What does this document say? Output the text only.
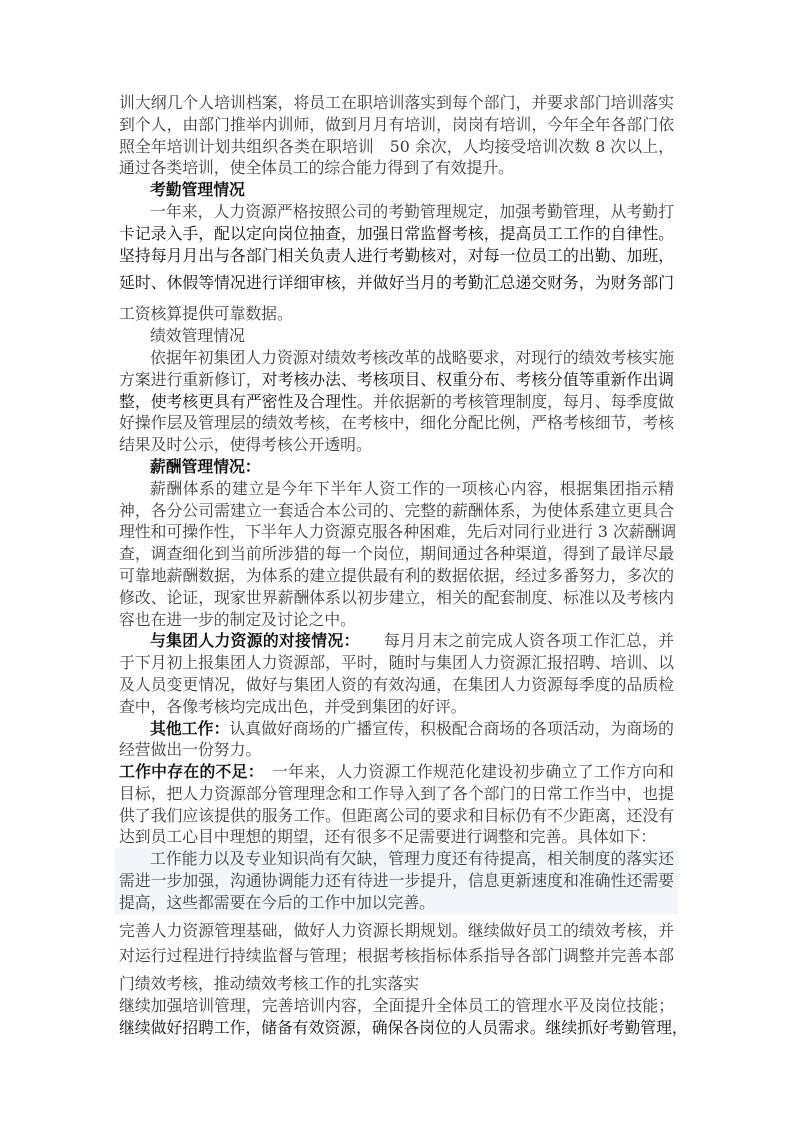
训大纲几个人培训档案，将员工在职培训落实到每个部门，并要求部门培训落实
到个人，由部门推举内训师，做到月月有培训，岗岗有培训，今年全年各部门依
照全年培训计划共组织各类在职培训　50 余次，人均接受培训次数 8 次以上，
通过各类培训，使全体员工的综合能力得到了有效提升。
考勤管理情况
一年来，人力资源严格按照公司的考勤管理规定，加强考勤管理，从考勤打
卡记录入手，配以定向岗位抽查，加强日常监督考核，提高员工工作的自律性。
坚持每月月出与各部门相关负责人进行考勤核对，对每一位员工的出勤、加班，
延时、休假等情况进行详细审核，并做好当月的考勤汇总递交财务，为财务部门
工资核算提供可靠数据。
绩效管理情况
依据年初集团人力资源对绩效考核改革的战略要求，对现行的绩效考核实施
方案进行重新修订，对考核办法、考核项目、权重分布、考核分值等重新作出调
整，使考核更具有严密性及合理性。并依据新的考核管理制度，每月、每季度做
好操作层及管理层的绩效考核，在考核中，细化分配比例，严格考核细节，考核
结果及时公示，使得考核公开透明。
薪酬管理情况：
薪酬体系的建立是今年下半年人资工作的一项核心内容，根据集团指示精
神，各分公司需建立一套适合本公司的、完整的薪酬体系，为使体系建立更具合
理性和可操作性，下半年人力资源克服各种困难，先后对同行业进行 3 次薪酬调
查，调查细化到当前所涉猎的每一个岗位，期间通过各种渠道，得到了最详尽最
可靠地薪酬数据，为体系的建立提供最有利的数据依据，经过多番努力，多次的
修改、论证，现家世界薪酬体系以初步建立，相关的配套制度、标准以及考核内
容也在进一步的制定及讨论之中。
与集团人力资源的对接情况：　　每月月末之前完成人资各项工作汇总，并
于下月初上报集团人力资源部，平时，随时与集团人力资源汇报招聘、培训、以
及人员变更情况，做好与集团人资的有效沟通，在集团人力资源每季度的品质检
查中，各像考核均完成出色，并受到集团的好评。
其他工作：认真做好商场的广播宣传，积极配合商场的各项活动，为商场的
经营做出一份努力。
工作中存在的不足：　一年来，人力资源工作规范化建设初步确立了工作方向和
目标，把人力资源部分管理理念和工作导入到了各个部门的日常工作当中，也提
供了我们应该提供的服务工作。但距离公司的要求和目标仍有不少距离，还没有
达到员工心目中理想的期望，还有很多不足需要进行调整和完善。具体如下：
工作能力以及专业知识尚有欠缺，管理力度还有待提高，相关制度的落实还
需进一步加强，沟通协调能力还有待进一步提升，信息更新速度和准确性还需要
提高，这些都需要在今后的工作中加以完善。
完善人力资源管理基础，做好人力资源长期规划。继续做好员工的绩效考核，并
对运行过程进行持续监督与管理；根据考核指标体系指导各部门调整并完善本部
门绩效考核，推动绩效考核工作的扎实落实
继续加强培训管理，完善培训内容，全面提升全体员工的管理水平及岗位技能；
继续做好招聘工作，储备有效资源，确保各岗位的人员需求。继续抓好考勤管理，
